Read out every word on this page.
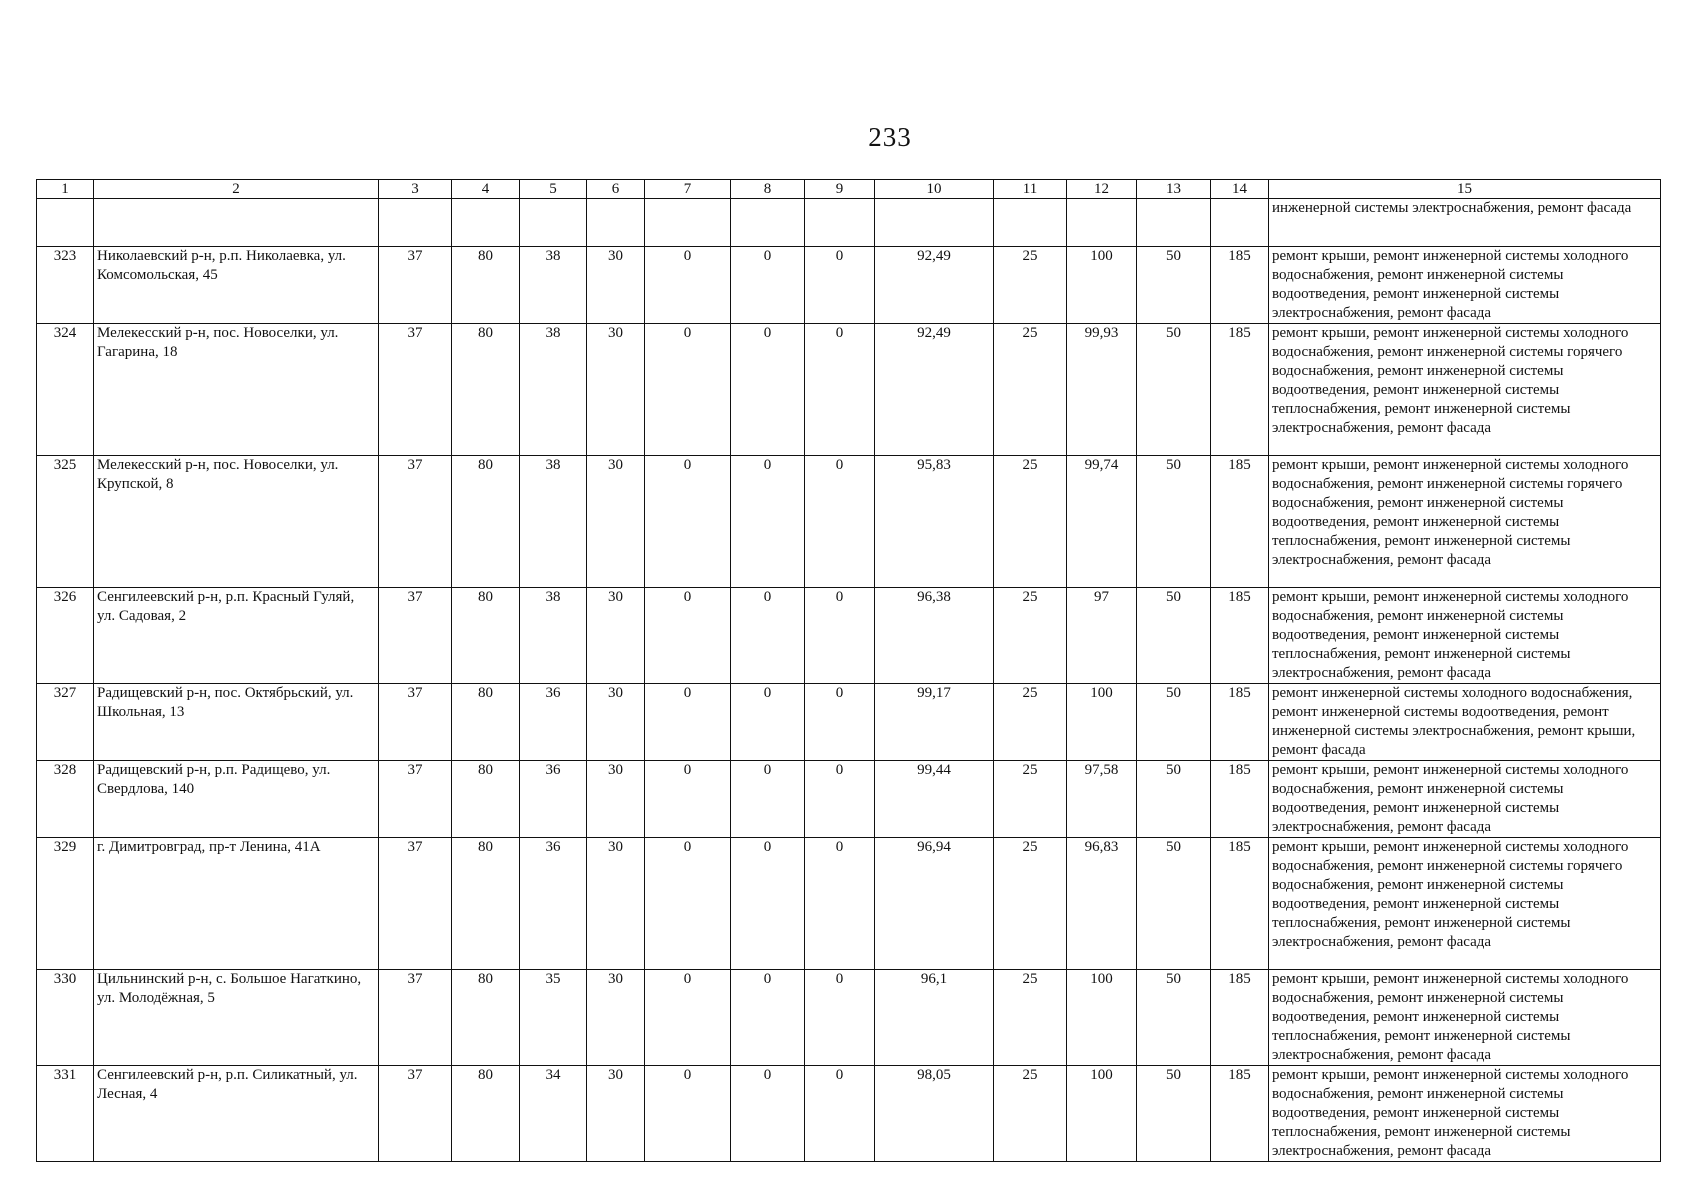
233
1	2	3	4	5	6	7	8	9	10	11	12	13	14	15
														инженерной системы электроснабжения, ремонт фасада
323	Николаевский р-н, р.п. Николаевка, ул. Комсомольская, 45	37	80	38	30	0	0	0	92,49	25	100	50	185	ремонт крыши, ремонт инженерной системы холодного водоснабжения, ремонт инженерной системы водоотведения, ремонт инженерной системы электроснабжения, ремонт фасада
324	Мелекесский р-н, пос. Новоселки, ул. Гагарина, 18	37	80	38	30	0	0	0	92,49	25	99,93	50	185	ремонт крыши, ремонт инженерной системы холодного водоснабжения, ремонт инженерной системы горячего водоснабжения, ремонт инженерной системы водоотведения, ремонт инженерной системы теплоснабжения, ремонт инженерной системы электроснабжения, ремонт фасада
325	Мелекесский р-н, пос. Новоселки, ул. Крупской, 8	37	80	38	30	0	0	0	95,83	25	99,74	50	185	ремонт крыши, ремонт инженерной системы холодного водоснабжения, ремонт инженерной системы горячего водоснабжения, ремонт инженерной системы водоотведения, ремонт инженерной системы теплоснабжения, ремонт инженерной системы электроснабжения, ремонт фасада
326	Сенгилеевский р-н, р.п. Красный Гуляй, ул. Садовая, 2	37	80	38	30	0	0	0	96,38	25	97	50	185	ремонт крыши, ремонт инженерной системы холодного водоснабжения, ремонт инженерной системы водоотведения, ремонт инженерной системы теплоснабжения, ремонт инженерной системы электроснабжения, ремонт фасада
327	Радищевский р-н, пос. Октябрьский, ул. Школьная, 13	37	80	36	30	0	0	0	99,17	25	100	50	185	ремонт инженерной системы холодного водоснабжения, ремонт инженерной системы водоотведения, ремонт инженерной системы электроснабжения, ремонт крыши, ремонт фасада
328	Радищевский р-н, р.п. Радищево, ул. Свердлова, 140	37	80	36	30	0	0	0	99,44	25	97,58	50	185	ремонт крыши, ремонт инженерной системы холодного водоснабжения, ремонт инженерной системы водоотведения, ремонт инженерной системы электроснабжения, ремонт фасада
329	г. Димитровград, пр-т Ленина, 41А	37	80	36	30	0	0	0	96,94	25	96,83	50	185	ремонт крыши, ремонт инженерной системы холодного водоснабжения, ремонт инженерной системы горячего водоснабжения, ремонт инженерной системы водоотведения, ремонт инженерной системы теплоснабжения, ремонт инженерной системы электроснабжения, ремонт фасада
330	Цильнинский р-н, с. Большое Нагаткино, ул. Молодёжная, 5	37	80	35	30	0	0	0	96,1	25	100	50	185	ремонт крыши, ремонт инженерной системы холодного водоснабжения, ремонт инженерной системы водоотведения, ремонт инженерной системы теплоснабжения, ремонт инженерной системы электроснабжения, ремонт фасада
331	Сенгилеевский р-н, р.п. Силикатный, ул. Лесная, 4	37	80	34	30	0	0	0	98,05	25	100	50	185	ремонт крыши, ремонт инженерной системы холодного водоснабжения, ремонт инженерной системы водоотведения, ремонт инженерной системы теплоснабжения, ремонт инженерной системы электроснабжения, ремонт фасада
